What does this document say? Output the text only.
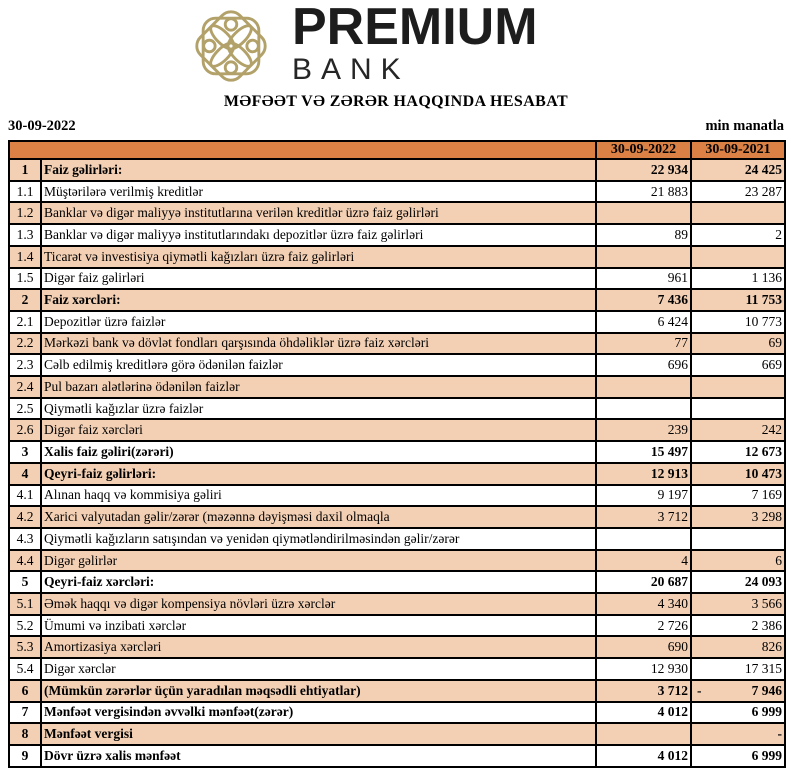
PREMIUM
BANK
MƏFƏƏT VƏ ZƏRƏR HAQQINDA HESABAT
30-09-2022	min manatla
		30-09-2022	30-09-2021
1	Faiz gəlirləri:	22 934	24 425
1.1	Müştərilərə verilmiş kreditlər	21 883	23 287
1.2	Banklar və digər maliyyə institutlarına verilən kreditlər üzrə faiz gəlirləri		
1.3	Banklar və digər maliyyə institutlarındakı depozitlər üzrə faiz gəlirləri	89	2
1.4	Ticarət və investisiya qiymətli kağızları üzrə faiz gəlirləri		
1.5	Digər faiz gəlirləri	961	1 136
2	Faiz xərcləri:	7 436	11 753
2.1	Depozitlər üzrə faizlər	6 424	10 773
2.2	Mərkəzi bank və dövlət fondları qarşısında öhdəliklər üzrə faiz xərcləri	77	69
2.3	Cəlb edilmiş kreditlərə görə ödənilən faizlər	696	669
2.4	Pul bazarı alətlərinə ödənilən faizlər		
2.5	Qiymətli kağızlar üzrə faizlər		
2.6	Digər faiz xərcləri	239	242
3	Xalis faiz gəliri(zərəri)	15 497	12 673
4	Qeyri-faiz gəlirləri:	12 913	10 473
4.1	Alınan haqq və kommisiya gəliri	9 197	7 169
4.2	Xarici valyutadan gəlir/zərər (məzənnə dəyişməsi daxil olmaqla	3 712	3 298
4.3	Qiymətli kağızların satışından və yenidən qiymətləndirilməsindən gəlir/zərər		
4.4	Digər gəlirlər	4	6
5	Qeyri-faiz xərcləri:	20 687	24 093
5.1	Əmək haqqı və digər kompensiya növləri üzrə xərclər	4 340	3 566
5.2	Ümumi və inzibati xərclər	2 726	2 386
5.3	Amortizasiya xərcləri	690	826
5.4	Digər xərclər	12 930	17 315
6	(Mümkün zərərlər üçün yaradılan məqsədli ehtiyatlar)	3 712	- 7 946
7	Mənfəət vergisindən əvvəlki mənfəət(zərər)	4 012	6 999
8	Mənfəət vergisi		-
9	Dövr üzrə xalis mənfəət	4 012	6 999
